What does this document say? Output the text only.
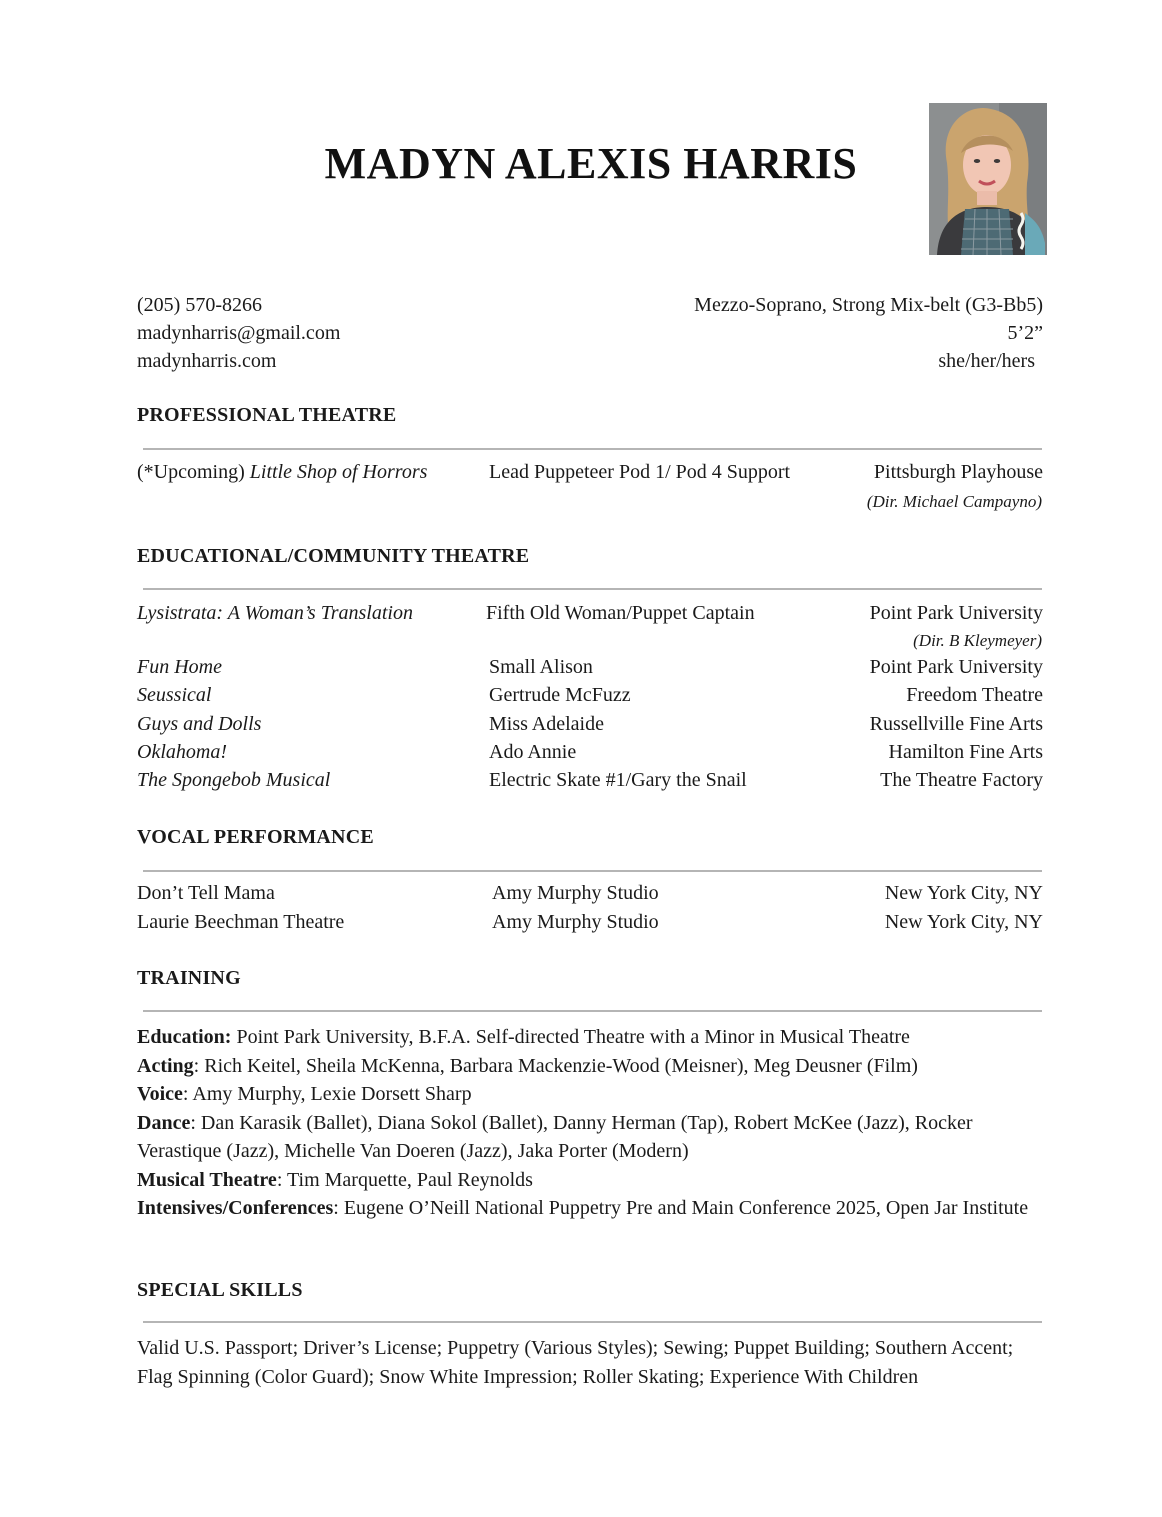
MADYN ALEXIS HARRIS
(205) 570-8266
madynharris@gmail.com
madynharris.com
Mezzo-Soprano, Strong Mix-belt (G3-Bb5)
5’2”
she/her/hers
PROFESSIONAL THEATRE
(*Upcoming) Little Shop of Horrors	Lead Puppeteer Pod 1/ Pod 4 Support	Pittsburgh Playhouse
(Dir. Michael Campayno)
EDUCATIONAL/COMMUNITY THEATRE
Lysistrata: A Woman’s Translation	Fifth Old Woman/Puppet Captain	Point Park University
(Dir. B Kleymeyer)
Fun Home	Small Alison	Point Park University
Seussical	Gertrude McFuzz	Freedom Theatre
Guys and Dolls	Miss Adelaide	Russellville Fine Arts
Oklahoma!	Ado Annie	Hamilton Fine Arts
The Spongebob Musical	Electric Skate #1/Gary the Snail	The Theatre Factory
VOCAL PERFORMANCE
Don’t Tell Mama	Amy Murphy Studio	New York City, NY
Laurie Beechman Theatre	Amy Murphy Studio	New York City, NY
TRAINING

Education: Point Park University, B.F.A. Self-directed Theatre with a Minor in Musical Theatre

Acting: Rich Keitel, Sheila McKenna, Barbara Mackenzie-Wood (Meisner), Meg Deusner (Film)

Voice: Amy Murphy, Lexie Dorsett Sharp

Dance: Dan Karasik (Ballet), Diana Sokol (Ballet), Danny Herman (Tap), Robert McKee (Jazz), Rocker Verastique (Jazz), Michelle Van Doeren (Jazz), Jaka Porter (Modern)

Musical Theatre: Tim Marquette, Paul Reynolds

Intensives/Conferences: Eugene O’Neill National Puppetry Pre and Main Conference 2025, Open Jar Institute

SPECIAL SKILLS
Valid U.S. Passport; Driver’s License; Puppetry (Various Styles); Sewing; Puppet Building; Southern Accent; Flag Spinning (Color Guard); Snow White Impression; Roller Skating; Experience With Children
